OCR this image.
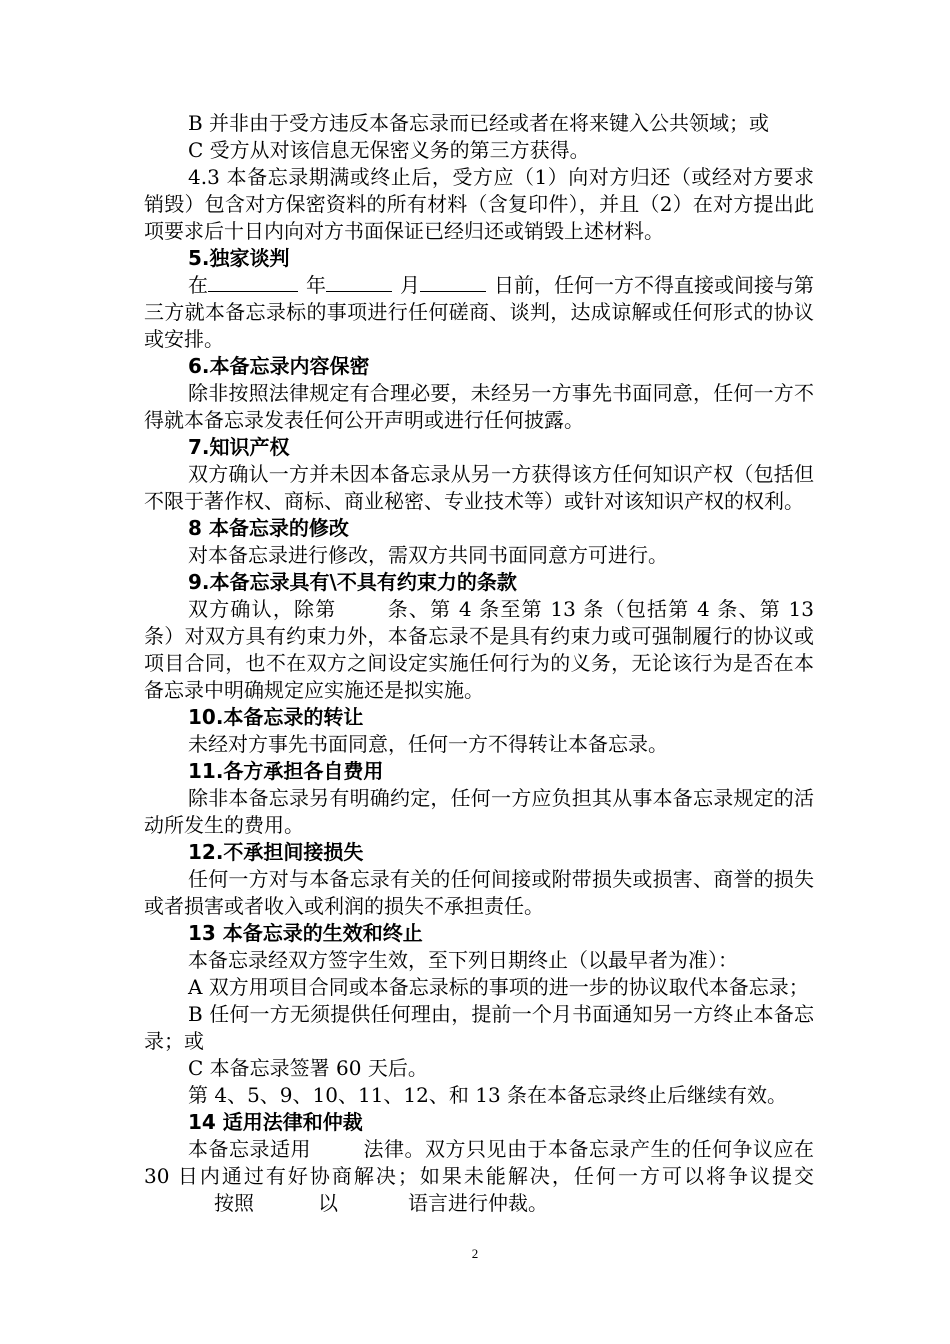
B 并非由于受方违反本备忘录而已经或者在将来键入公共领域；或

C 受方从对该信息无保密义务的第三方获得。

4.3 本备忘录期满或终止后，受方应（1）向对方归还（或经对方要求销毁）包含对方保密资料的所有材料（含复印件），并且（2）在对方提出此项要求后十日内向对方书面保证已经归还或销毁上述材料。

5.独家谈判

在	年	月	日前，任何一方不得直接或间接与第三方就本备忘录标的事项进行任何磋商、谈判，达成谅解或任何形式的协议或安排。

6.本备忘录内容保密

除非按照法律规定有合理必要，未经另一方事先书面同意，任何一方不得就本备忘录发表任何公开声明或进行任何披露。

7.知识产权

双方确认一方并未因本备忘录从另一方获得该方任何知识产权（包括但不限于著作权、商标、商业秘密、专业技术等）或针对该知识产权的权利。

8 本备忘录的修改

对本备忘录进行修改，需双方共同书面同意方可进行。

9.本备忘录具有\不具有约束力的条款

双方确认，除第	条、第 4 条至第 13 条（包括第 4 条、第 13 条）对双方具有约束力外，本备忘录不是具有约束力或可强制履行的协议或项目合同，也不在双方之间设定实施任何行为的义务，无论该行为是否在本备忘录中明确规定应实施还是拟实施。

10.本备忘录的转让

未经对方事先书面同意，任何一方不得转让本备忘录。

11.各方承担各自费用

除非本备忘录另有明确约定，任何一方应负担其从事本备忘录规定的活动所发生的费用。

12.不承担间接损失

任何一方对与本备忘录有关的任何间接或附带损失或损害、商誉的损失或者损害或者收入或利润的损失不承担责任。

13 本备忘录的生效和终止

本备忘录经双方签字生效，至下列日期终止（以最早者为准）：

A 双方用项目合同或本备忘录标的事项的进一步的协议取代本备忘录；

B 任何一方无须提供任何理由，提前一个月书面通知另一方终止本备忘录；或

C 本备忘录签署 60 天后。

第 4、5、9、10、11、12、和 13 条在本备忘录终止后继续有效。

14 适用法律和仲裁

本备忘录适用	法律。双方只见由于本备忘录产生的任何争议应在 30 日内通过有好协商解决；如果未能解决，任何一方可以将争议提交按照	以	语言进行仲裁。

2
